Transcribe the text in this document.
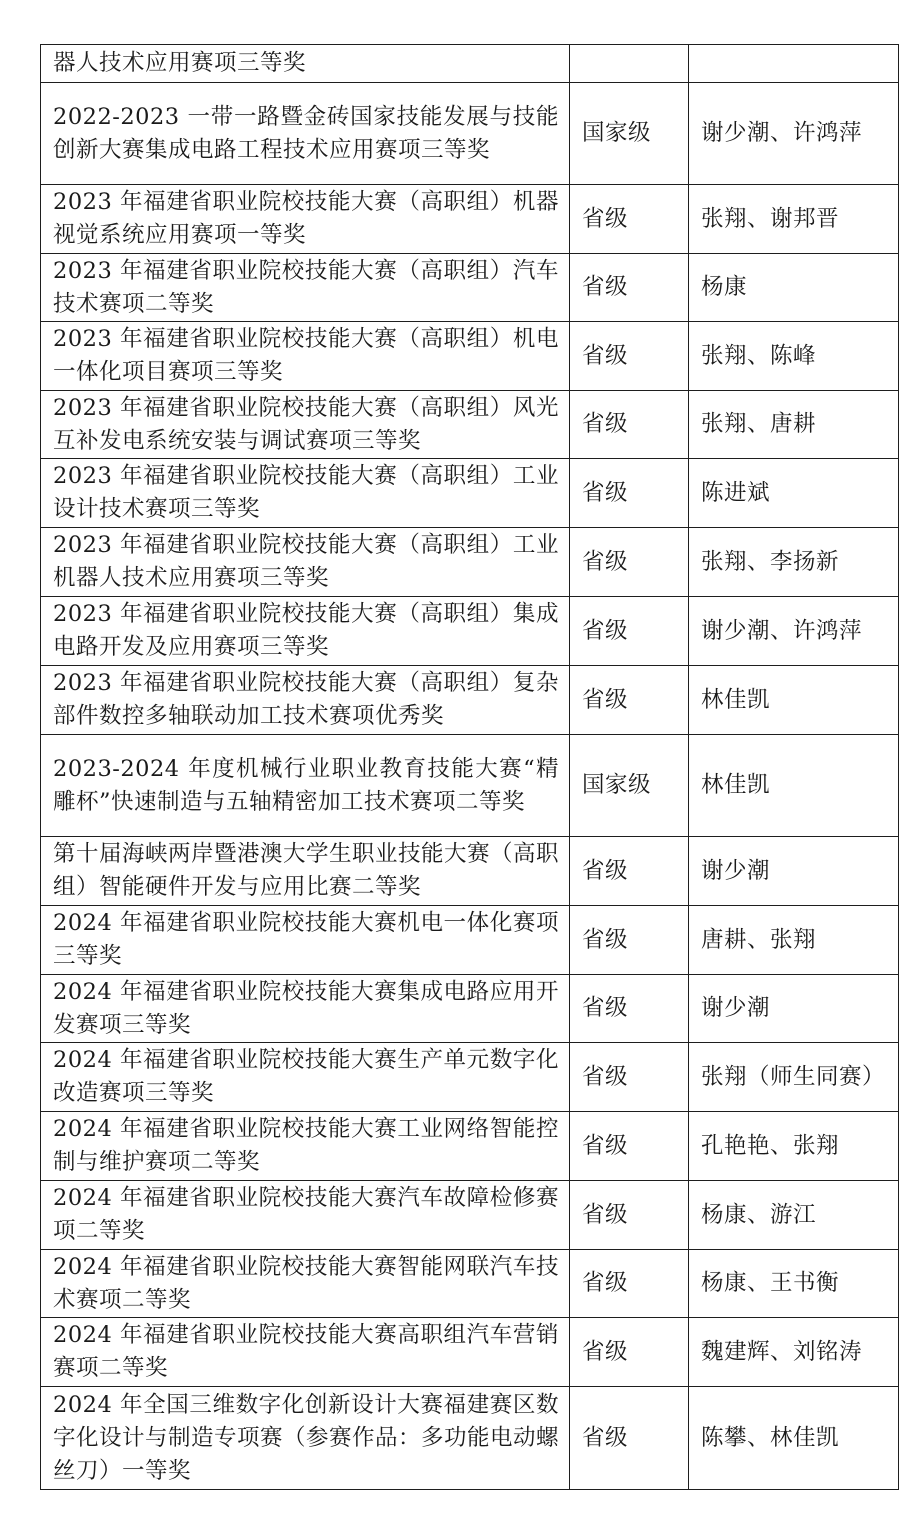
器人技术应用赛项三等奖		
2022-2023 一带一路暨金砖国家技能发展与技能创新大赛集成电路工程技术应用赛项三等奖	国家级	谢少潮、许鸿萍
2023 年福建省职业院校技能大赛（高职组）机器视觉系统应用赛项一等奖	省级	张翔、谢邦晋
2023 年福建省职业院校技能大赛（高职组）汽车技术赛项二等奖	省级	杨康
2023 年福建省职业院校技能大赛（高职组）机电一体化项目赛项三等奖	省级	张翔、陈峰
2023 年福建省职业院校技能大赛（高职组）风光互补发电系统安装与调试赛项三等奖	省级	张翔、唐耕
2023 年福建省职业院校技能大赛（高职组）工业设计技术赛项三等奖	省级	陈进斌
2023 年福建省职业院校技能大赛（高职组）工业机器人技术应用赛项三等奖	省级	张翔、李扬新
2023 年福建省职业院校技能大赛（高职组）集成电路开发及应用赛项三等奖	省级	谢少潮、许鸿萍
2023 年福建省职业院校技能大赛（高职组）复杂部件数控多轴联动加工技术赛项优秀奖	省级	林佳凯
2023-2024 年度机械行业职业教育技能大赛“精雕杯”快速制造与五轴精密加工技术赛项二等奖	国家级	林佳凯
第十届海峡两岸暨港澳大学生职业技能大赛（高职组）智能硬件开发与应用比赛二等奖	省级	谢少潮
2024 年福建省职业院校技能大赛机电一体化赛项三等奖	省级	唐耕、张翔
2024 年福建省职业院校技能大赛集成电路应用开发赛项三等奖	省级	谢少潮
2024 年福建省职业院校技能大赛生产单元数字化改造赛项三等奖	省级	张翔（师生同赛）
2024 年福建省职业院校技能大赛工业网络智能控制与维护赛项二等奖	省级	孔艳艳、张翔
2024 年福建省职业院校技能大赛汽车故障检修赛项二等奖	省级	杨康、游江
2024 年福建省职业院校技能大赛智能网联汽车技术赛项二等奖	省级	杨康、王书衡
2024 年福建省职业院校技能大赛高职组汽车营销赛项二等奖	省级	魏建辉、刘铭涛
2024 年全国三维数字化创新设计大赛福建赛区数字化设计与制造专项赛（参赛作品：多功能电动螺丝刀）一等奖	省级	陈攀、林佳凯
